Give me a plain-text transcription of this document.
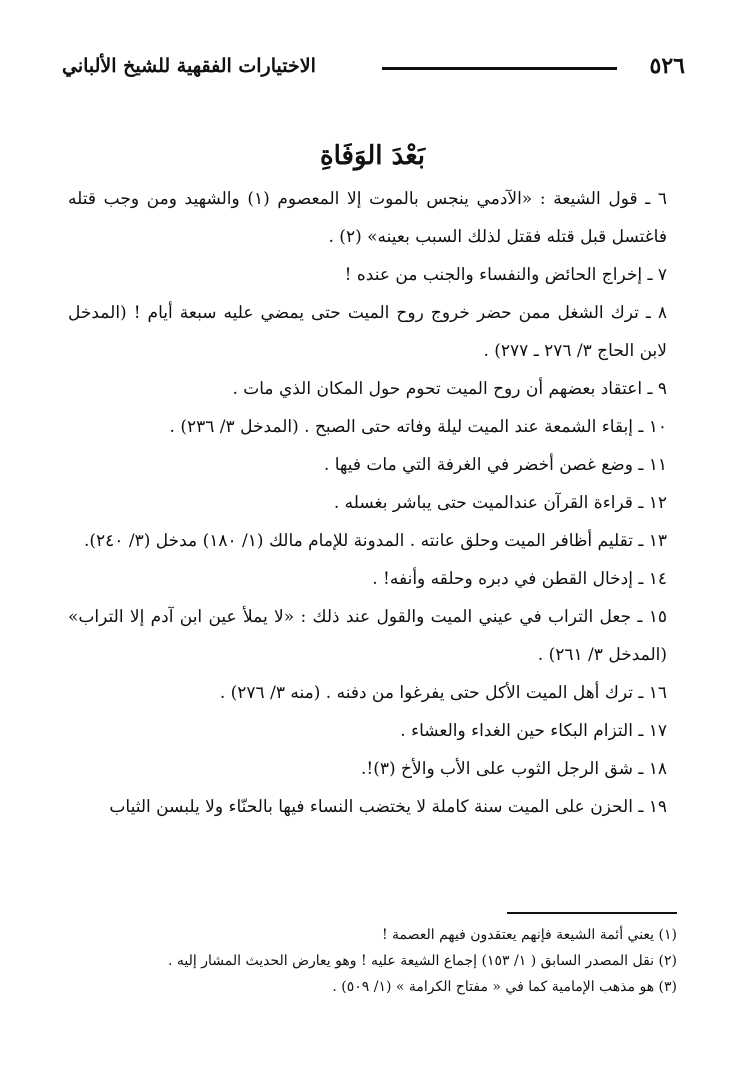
٥٢٦
الاختيارات الفقهية للشيخ الألباني
بَعْدَ الوَفَاةِ
٦ ـ قول الشيعة : «الآدمي ينجس بالموت إلا المعصوم (١) والشهيد ومن وجب قتله فاغتسل قبل قتله فقتل لذلك السبب بعينه» (٢) .
٧ ـ إخراج الحائض والنفساء والجنب من عنده !
٨ ـ ترك الشغل ممن حضر خروج روح الميت حتى يمضي عليه سبعة أيام ! (المدخل لابن الحاج ٣/ ٢٧٦ ـ ٢٧٧) .
٩ ـ اعتقاد بعضهم أن روح الميت تحوم حول المكان الذي مات .
١٠ ـ إبقاء الشمعة عند الميت ليلة وفاته حتى الصبح . (المدخل ٣/ ٢٣٦) .
١١ ـ وضع غصن أخضر في الغرفة التي مات فيها .
١٢ ـ قراءة القرآن عندالميت حتى يباشر بغسله .
١٣ ـ تقليم أظافر الميت وحلق عانته . المدونة للإمام مالك (١/ ١٨٠) مدخل (٣/ ٢٤٠).
١٤ ـ إدخال القطن في دبره وحلقه وأنفه! .
١٥ ـ جعل التراب في عيني الميت والقول عند ذلك : «لا يملأ عين ابن آدم إلا التراب» (المدخل ٣/ ٢٦١) .
١٦ ـ ترك أهل الميت الأكل حتى يفرغوا من دفنه . (منه ٣/ ٢٧٦) .
١٧ ـ التزام البكاء حين الغداء والعشاء .
١٨ ـ شق الرجل الثوب على الأب والأخ (٣)!.
١٩ ـ الحزن على الميت سنة كاملة لا يختضب النساء فيها بالحنّاء ولا يلبسن الثياب
(١) يعني أئمة الشيعة فإنهم يعتقدون فيهم العصمة !
(٢) نقل المصدر السابق ( ١/ ١٥٣) إجماع الشيعة عليه ! وهو يعارض الحديث المشار إليه .
(٣) هو مذهب الإمامية كما في « مفتاح الكرامة » (١/ ٥٠٩) .
